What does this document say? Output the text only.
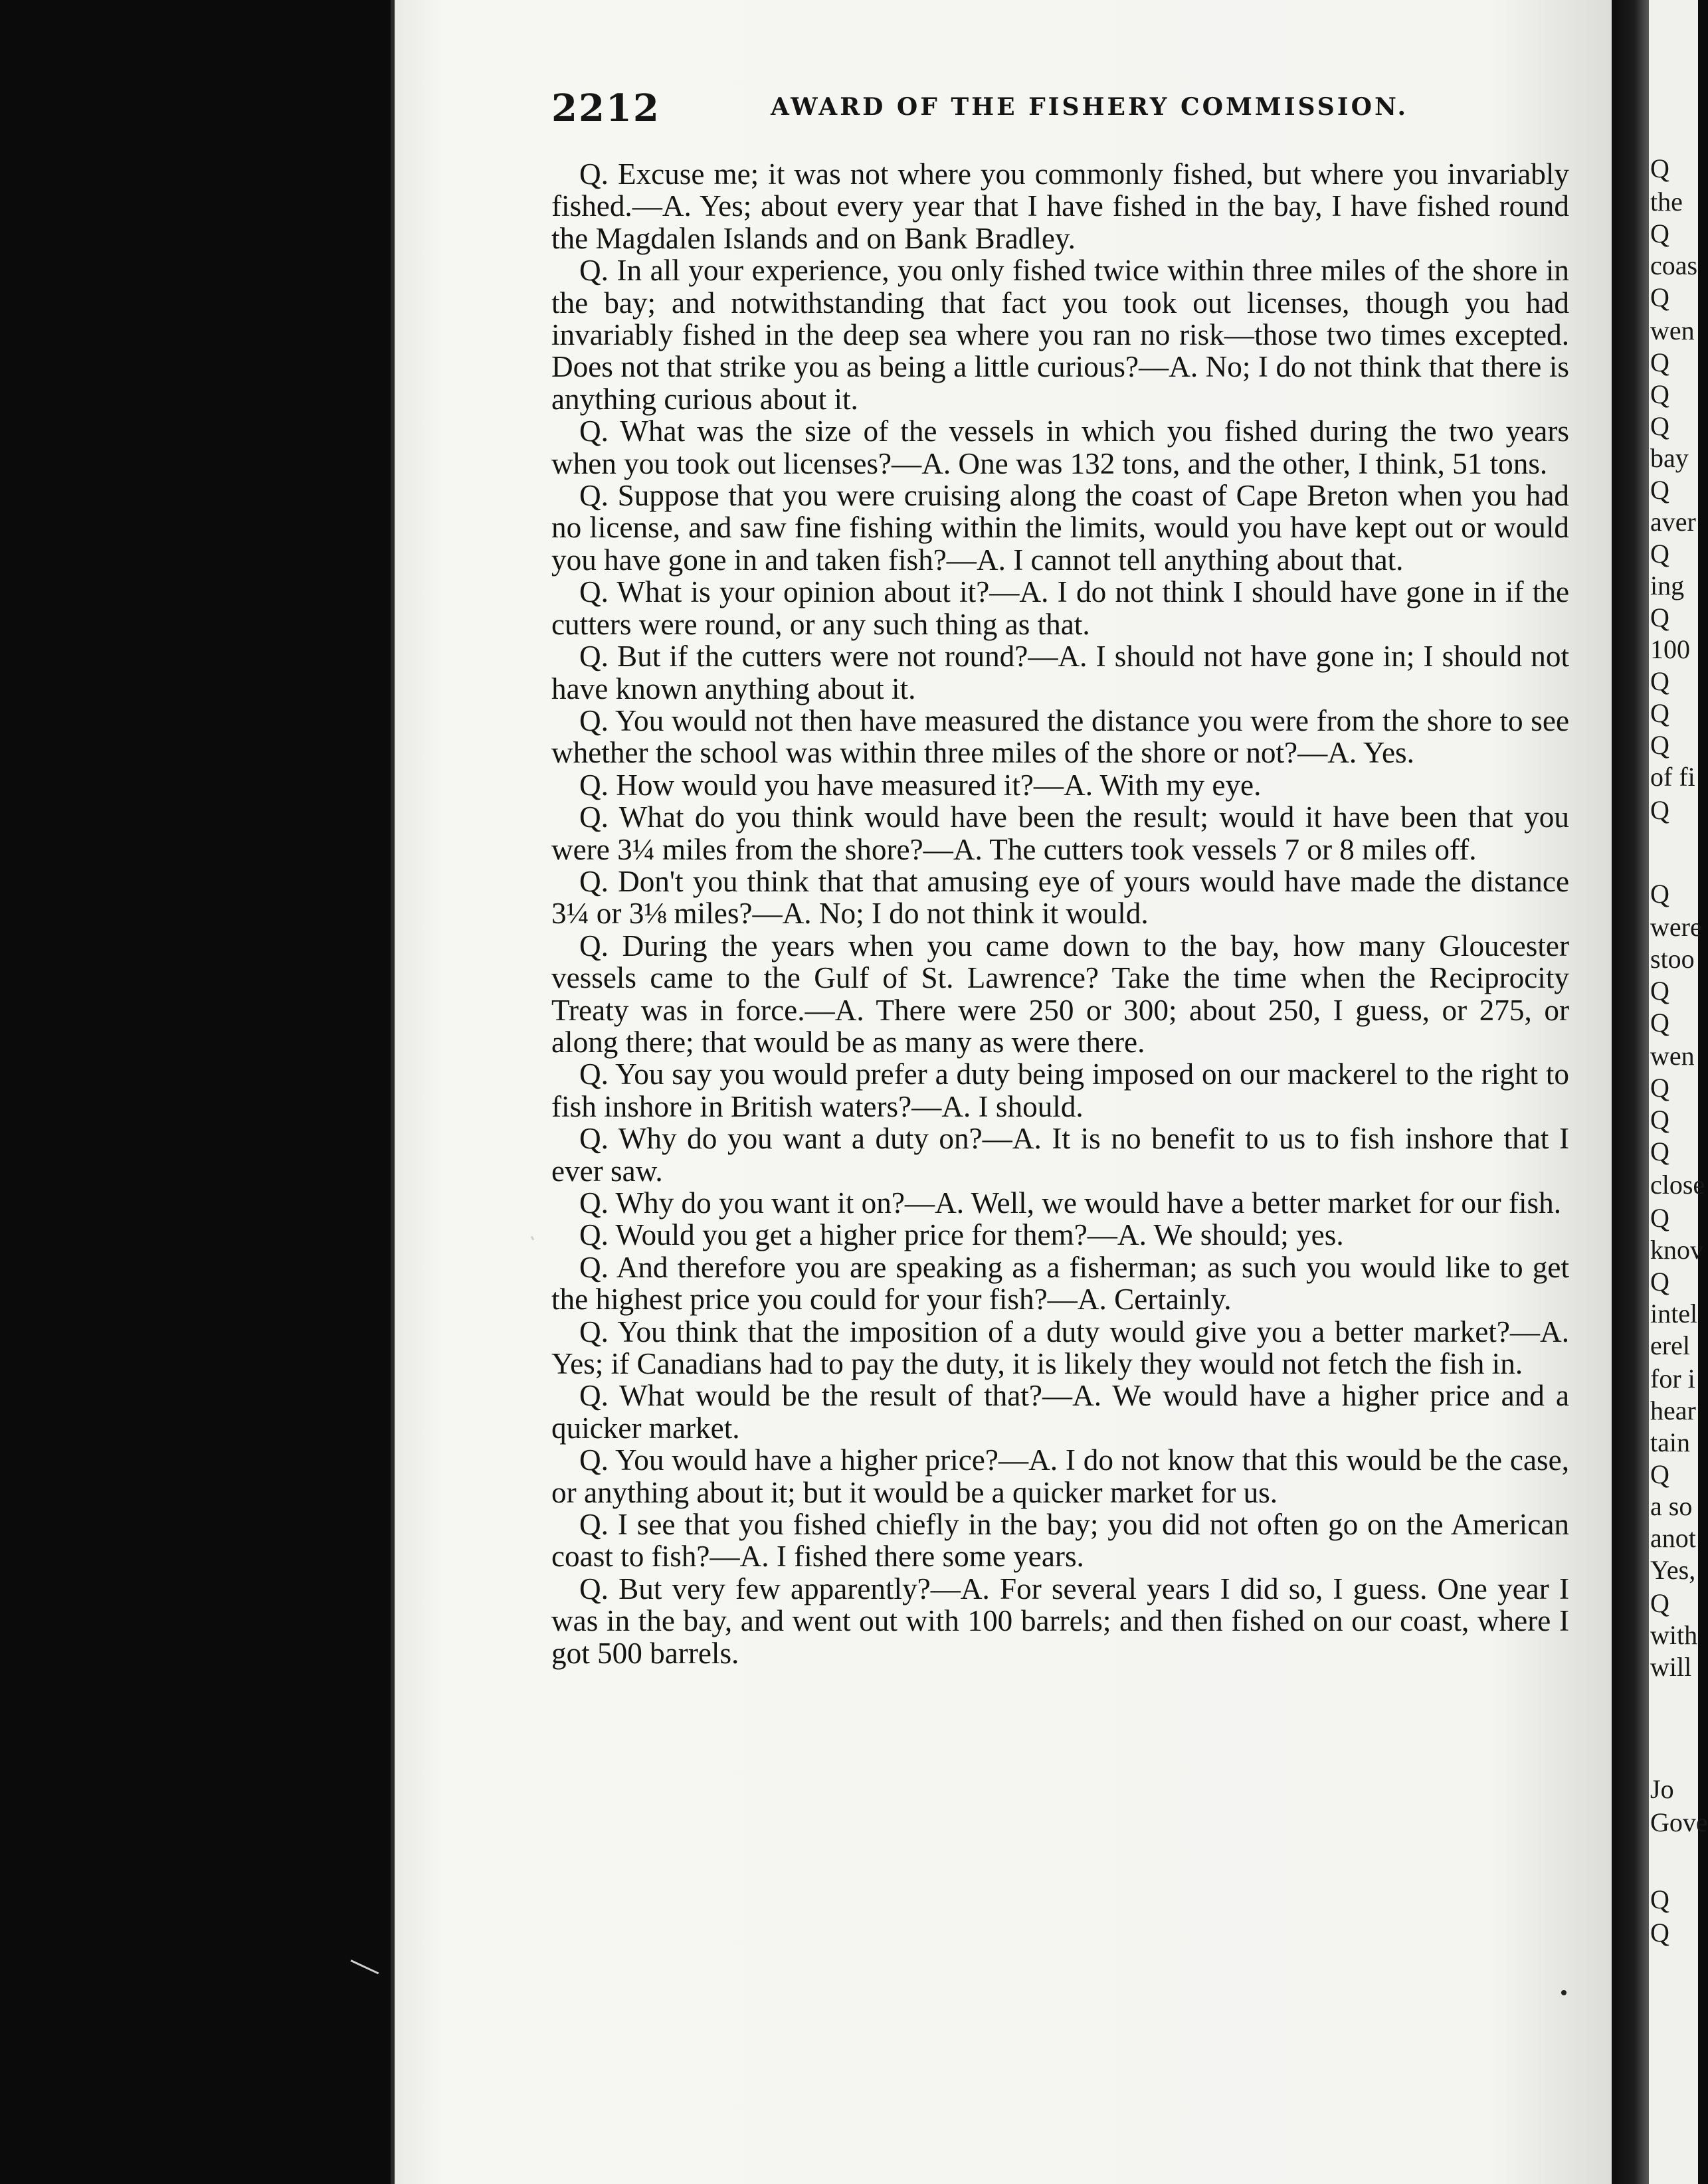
2212	AWARD OF THE FISHERY COMMISSION.

Q. Excuse me; it was not where you commonly fished, but where you invariably fished.—A. Yes; about every year that I have fished in the bay, I have fished round the Magdalen Islands and on Bank Bradley.

Q. In all your experience, you only fished twice within three miles of the shore in the bay; and notwithstanding that fact you took out licenses, though you had invariably fished in the deep sea where you ran no risk—those two times excepted. Does not that strike you as being a little curious?—A. No; I do not think that there is anything curious about it.

Q. What was the size of the vessels in which you fished during the two years when you took out licenses?—A. One was 132 tons, and the other, I think, 51 tons.

Q. Suppose that you were cruising along the coast of Cape Breton when you had no license, and saw fine fishing within the limits, would you have kept out or would you have gone in and taken fish?—A. I cannot tell anything about that.

Q. What is your opinion about it?—A. I do not think I should have gone in if the cutters were round, or any such thing as that.

Q. But if the cutters were not round?—A. I should not have gone in; I should not have known anything about it.

Q. You would not then have measured the distance you were from the shore to see whether the school was within three miles of the shore or not?—A. Yes.

Q. How would you have measured it?—A. With my eye.

Q. What do you think would have been the result; would it have been that you were 3¼ miles from the shore?—A. The cutters took vessels 7 or 8 miles off.

Q. Don't you think that that amusing eye of yours would have made the distance 3¼ or 3⅛ miles?—A. No; I do not think it would.

Q. During the years when you came down to the bay, how many Gloucester vessels came to the Gulf of St. Lawrence? Take the time when the Reciprocity Treaty was in force.—A. There were 250 or 300; about 250, I guess, or 275, or along there; that would be as many as were there.

Q. You say you would prefer a duty being imposed on our mackerel to the right to fish inshore in British waters?—A. I should.

Q. Why do you want a duty on?—A. It is no benefit to us to fish inshore that I ever saw.

Q. Why do you want it on?—A. Well, we would have a better market for our fish.

Q. Would you get a higher price for them?—A. We should; yes.

Q. And therefore you are speaking as a fisherman; as such you would like to get the highest price you could for your fish?—A. Certainly.

Q. You think that the imposition of a duty would give you a better market?—A. Yes; if Canadians had to pay the duty, it is likely they would not fetch the fish in.

Q. What would be the result of that?—A. We would have a higher price and a quicker market.

Q. You would have a higher price?—A. I do not know that this would be the case, or anything about it; but it would be a quicker market for us.

Q. I see that you fished chiefly in the bay; you did not often go on the American coast to fish?—A. I fished there some years.

Q. But very few apparently?—A. For several years I did so, I guess. One year I was in the bay, and went out with 100 barrels; and then fished on our coast, where I got 500 barrels.

Q
the
Q
coas
Q
wen
Q
Q
Q
bay
Q
aver
Q
ing
Q
100
Q
Q
Q
of fi
Q
Q
were
stoo
Q
Q
wen
Q
Q
Q
close
Q
knov
Q
intel
erel
for i
hear
tain
Q
a so
anot
Yes,
Q
with
will
Jo
Gove
Q
Q
